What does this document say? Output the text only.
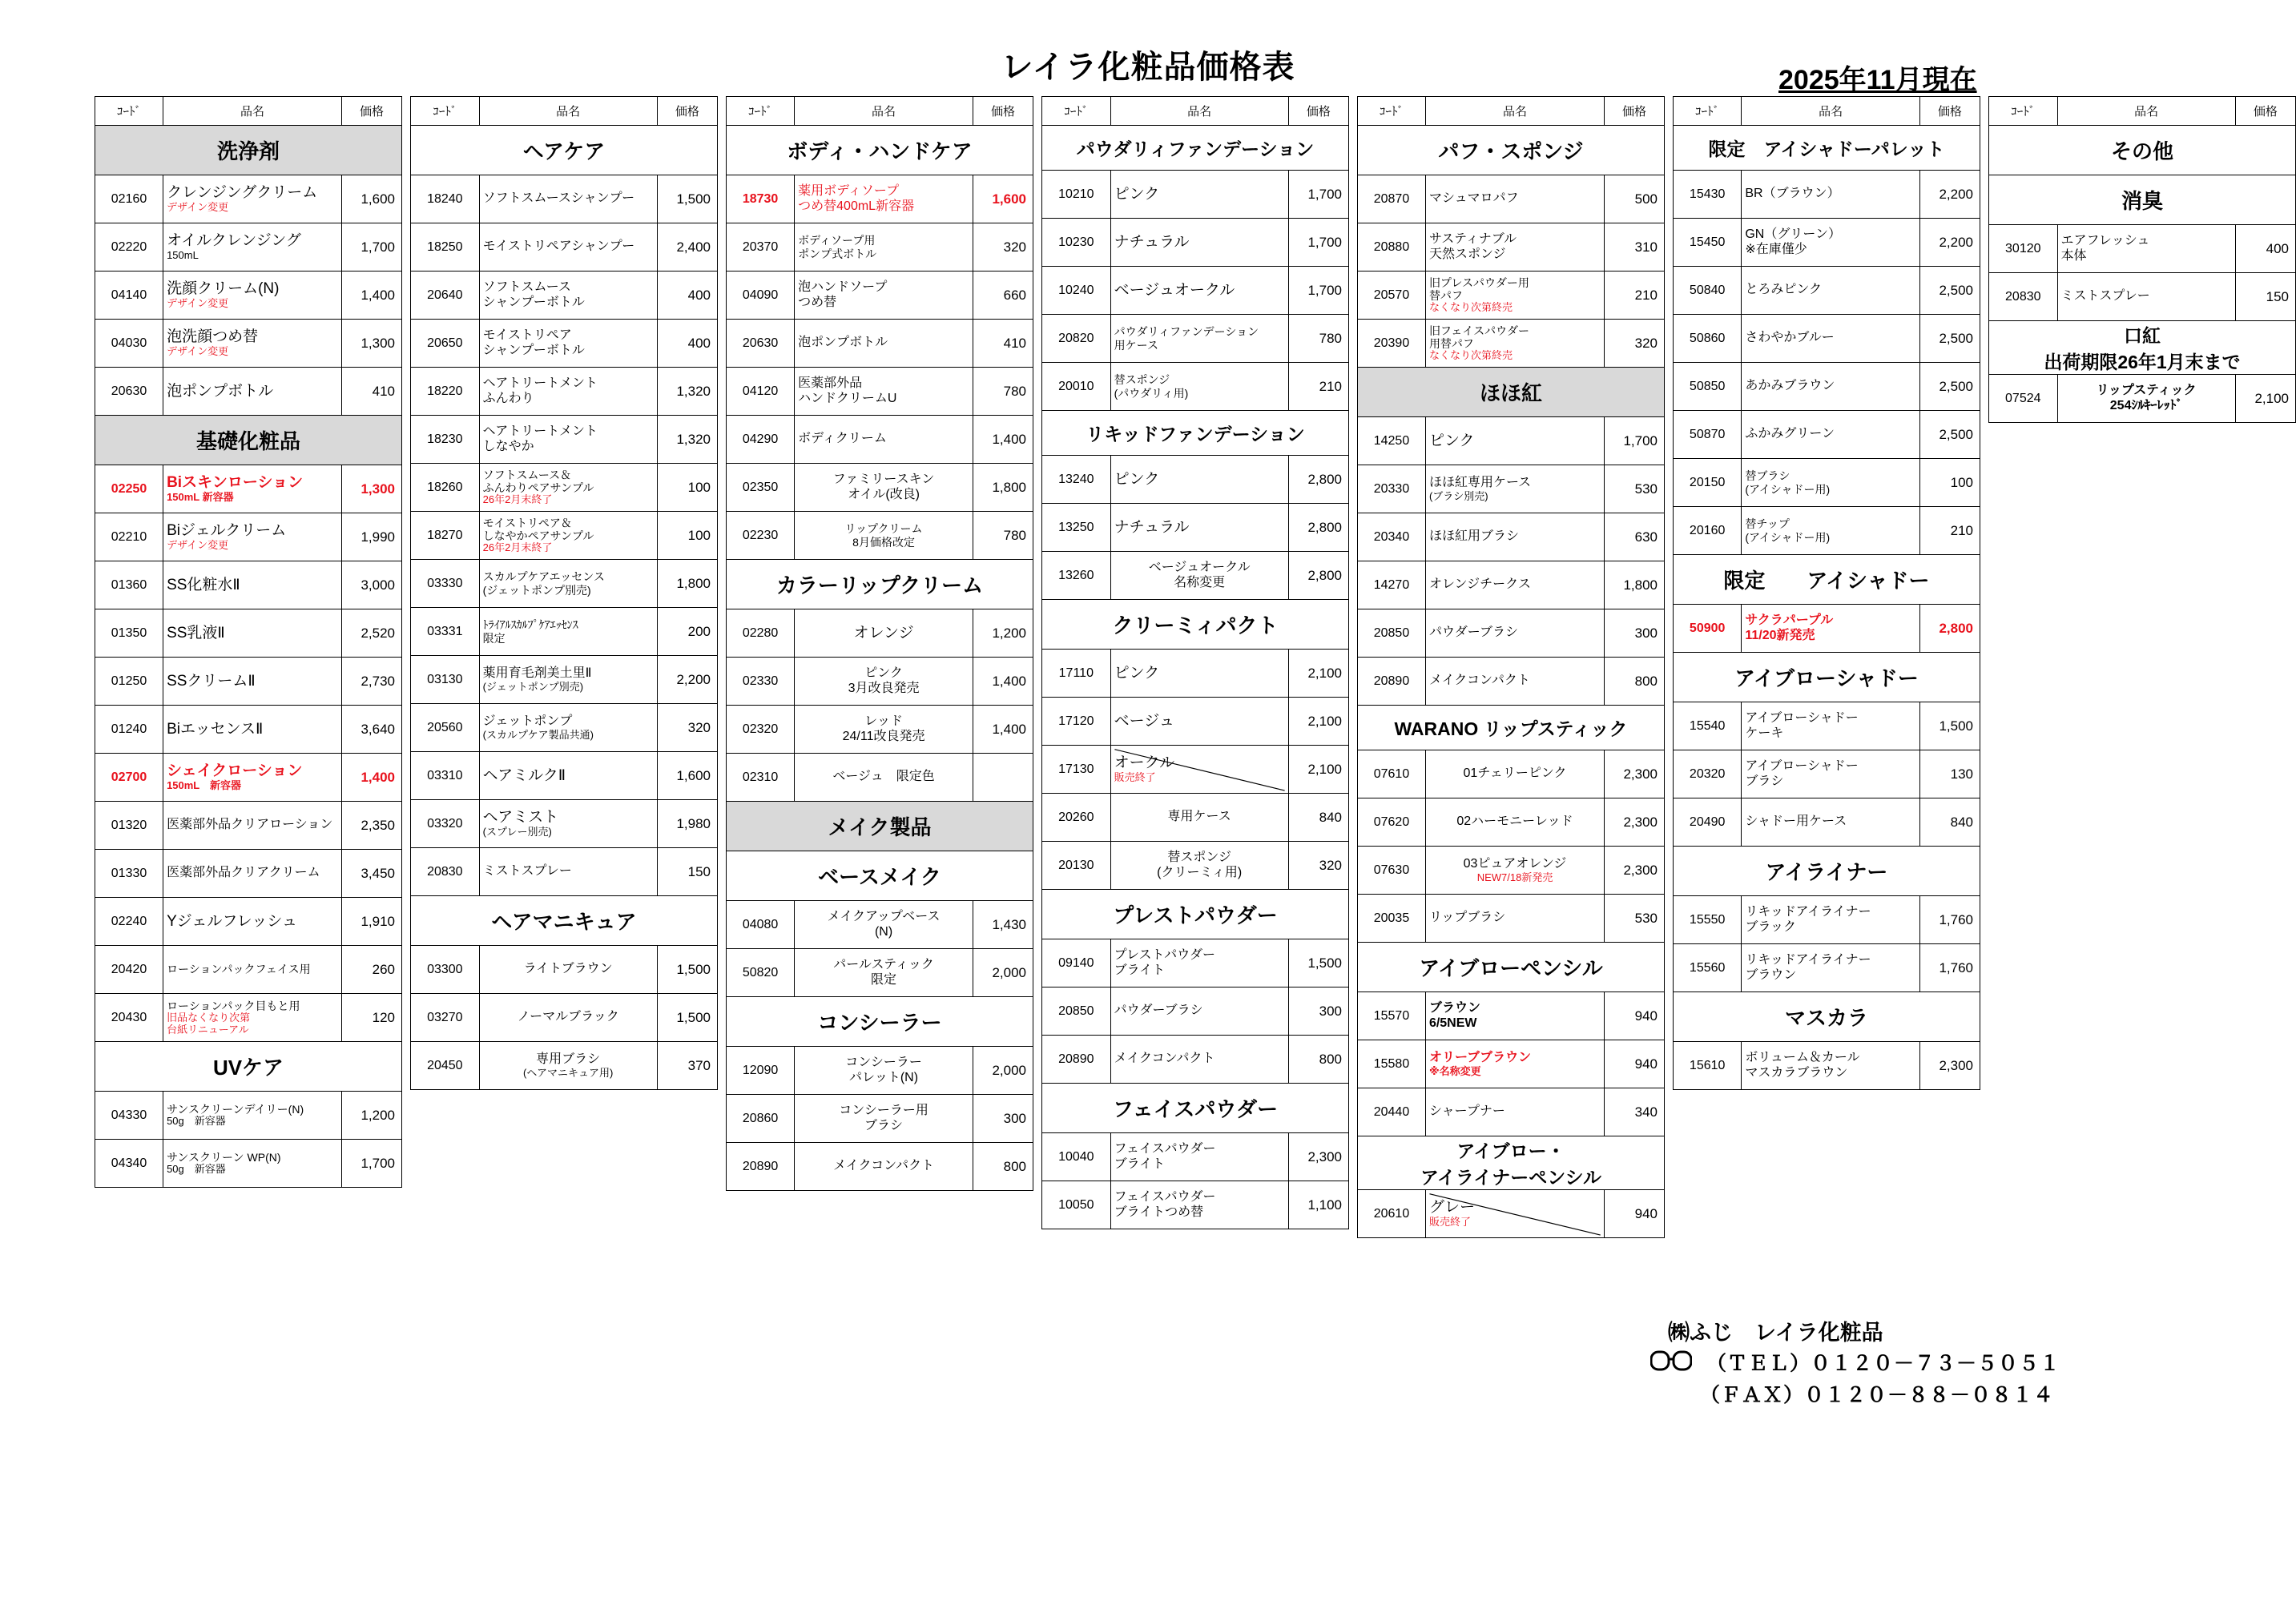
レイラ化粧品価格表	2025年11月現在
ｺｰﾄﾞ	品名	価格
洗浄剤		
02160	クレンジングクリーム
デザイン変更	1,600
02220	オイルクレンジング
150mL	1,700
04140	洗顔クリーム(N)
デザイン変更	1,400
04030	泡洗顔つめ替
デザイン変更	1,300
20630	泡ポンプボトル	410
基礎化粧品		
02250	Biスキンローション
150mL 新容器	1,300
02210	Biジェルクリーム
デザイン変更	1,990
01360	SS化粧水Ⅱ	3,000
01350	SS乳液Ⅱ	2,520
01250	SSクリームⅡ	2,730
01240	BiエッセンスⅡ	3,640
02700	シェイクローション
150mL　新容器	1,400
01320	医薬部外品クリアローション	2,350
01330	医薬部外品クリアクリーム	3,450
02240	Yジェルフレッシュ	1,910
20420	ローションパックフェイス用	260
20430	ローションパック目もと用
旧品なくなり次第
台紙リニューアル	120
UVケア		
04330	サンスクリーンデイリー(N)
50g　新容器	1,200
04340	サンスクリーン WP(N)
50g　新容器	1,700
ｺｰﾄﾞ	品名	価格
ヘアケア		
18240	ソフトスムースシャンプー	1,500
18250	モイストリペアシャンプー	2,400
20640	ソフトスムース
シャンプーボトル	400
20650	モイストリペア
シャンプーボトル	400
18220	ヘアトリートメント
ふんわり	1,320
18230	ヘアトリートメント
しなやか	1,320
18260	ソフトスムース＆
ふんわりペアサンプル
26年2月末終了	100
18270	モイストリペア＆
しなやかペアサンプル
26年2月末終了	100
03330	スカルプケアエッセンス
(ジェットポンプ別売)	1,800
03331	ﾄﾗｲｱﾙｽｶﾙﾌﾟｹｱｴｯｾﾝｽ
限定	200
03130	薬用育毛剤美土里Ⅱ
(ジェットポンプ別売)	2,200
20560	ジェットポンプ
(スカルプケア製品共通)	320
03310	ヘアミルクⅡ	1,600
03320	ヘアミスト
(スプレー別売)	1,980
20830	ミストスプレー	150
ヘアマニキュア		
03300	ライトブラウン	1,500
03270	ノーマルブラック	1,500
20450	専用ブラシ
(ヘアマニキュア用)	370
ｺｰﾄﾞ	品名	価格
ボディ・ハンドケア		
18730	薬用ボディソープ
つめ替400mL新容器	1,600
20370	ボディソープ用
ポンプ式ボトル	320
04090	泡ハンドソープ
つめ替	660
20630	泡ポンプボトル	410
04120	医薬部外品
ハンドクリームU	780
04290	ボディクリーム	1,400
02350	ファミリースキン
オイル(改良)	1,800
02230	リップクリーム
8月価格改定	780
カラーリップクリーム		
02280	オレンジ	1,200
02330	ピンク
3月改良発売	1,400
02320	レッド
24/11改良発売	1,400
02310	ベージュ　限定色	
メイク製品		
ベースメイク		
04080	メイクアップベース
(N)	1,430
50820	パールスティック
限定	2,000
コンシーラー		
12090	コンシーラー
パレット(N)	2,000
20860	コンシーラー用
ブラシ	300
20890	メイクコンパクト	800
ｺｰﾄﾞ	品名	価格
パウダリィファンデーション		
10210	ピンク	1,700
10230	ナチュラル	1,700
10240	ベージュオークル	1,700
20820	パウダリィファンデーション
用ケース	780
20010	替スポンジ
(パウダリィ用)	210
リキッドファンデーション		
13240	ピンク	2,800
13250	ナチュラル	2,800
13260	ベージュオークル
名称変更	2,800
クリーミィパクト		
17110	ピンク	2,100
17120	ベージュ	2,100
17130	オークル
販売終了	2,100
20260	専用ケース	840
20130	替スポンジ
(クリーミィ用)	320
プレストパウダー		
09140	プレストパウダー
ブライト	1,500
20850	パウダーブラシ	300
20890	メイクコンパクト	800
フェイスパウダー		
10040	フェイスパウダー
ブライト	2,300
10050	フェイスパウダー
ブライトつめ替	1,100
ｺｰﾄﾞ	品名	価格
パフ・スポンジ		
20870	マシュマロパフ	500
20880	サスティナブル
天然スポンジ	310
20570	旧プレスパウダー用
替パフ
なくなり次第終売	210
20390	旧フェイスパウダー
用替パフ
なくなり次第終売	320
ほほ紅		
14250	ピンク	1,700
20330	ほほ紅専用ケース
(ブラシ別売)	530
20340	ほほ紅用ブラシ	630
14270	オレンジチークス	1,800
20850	パウダーブラシ	300
20890	メイクコンパクト	800
WARANO リップスティック		
07610	01チェリーピンク	2,300
07620	02ハーモニーレッド	2,300
07630	03ピュアオレンジ
NEW7/18新発売	2,300
20035	リップブラシ	530
アイブローペンシル		
15570	ブラウン
6/5NEW	940
15580	オリーブブラウン
※名称変更	940
20440	シャープナー	340
アイブロー・
アイライナーペンシル		
20610	グレー
販売終了	940
ｺｰﾄﾞ	品名	価格
限定　アイシャドーパレット		
15430	BR（ブラウン）	2,200
15450	GN（グリーン）
※在庫僅少	2,200
50840	とろみピンク	2,500
50860	さわやかブルー	2,500
50850	あかみブラウン	2,500
50870	ふかみグリーン	2,500
20150	替ブラシ
(アイシャドー用)	100
20160	替チップ
(アイシャドー用)	210
限定　　アイシャドー		
50900	サクラパープル
11/20新発売	2,800
アイブローシャドー		
15540	アイブローシャドー
ケーキ	1,500
20320	アイブローシャドー
ブラシ	130
20490	シャドー用ケース	840
アイライナー		
15550	リキッドアイライナー
ブラック	1,760
15560	リキッドアイライナー
ブラウン	1,760
マスカラ		
15610	ボリューム＆カール
マスカラブラウン	2,300
ｺｰﾄﾞ	品名	価格
その他		
消臭		
30120	エアフレッシュ
本体	400
20830	ミストスプレー	150
口紅
出荷期限26年1月末まで		
07524	リップスティック
254ｼﾙｷｰﾚｯﾄﾞ	2,100
㈱ふじ　レイラ化粧品
（ＴＥＬ）０１２０－７３－５０５１
（ＦＡＸ）０１２０－８８－０８１４
